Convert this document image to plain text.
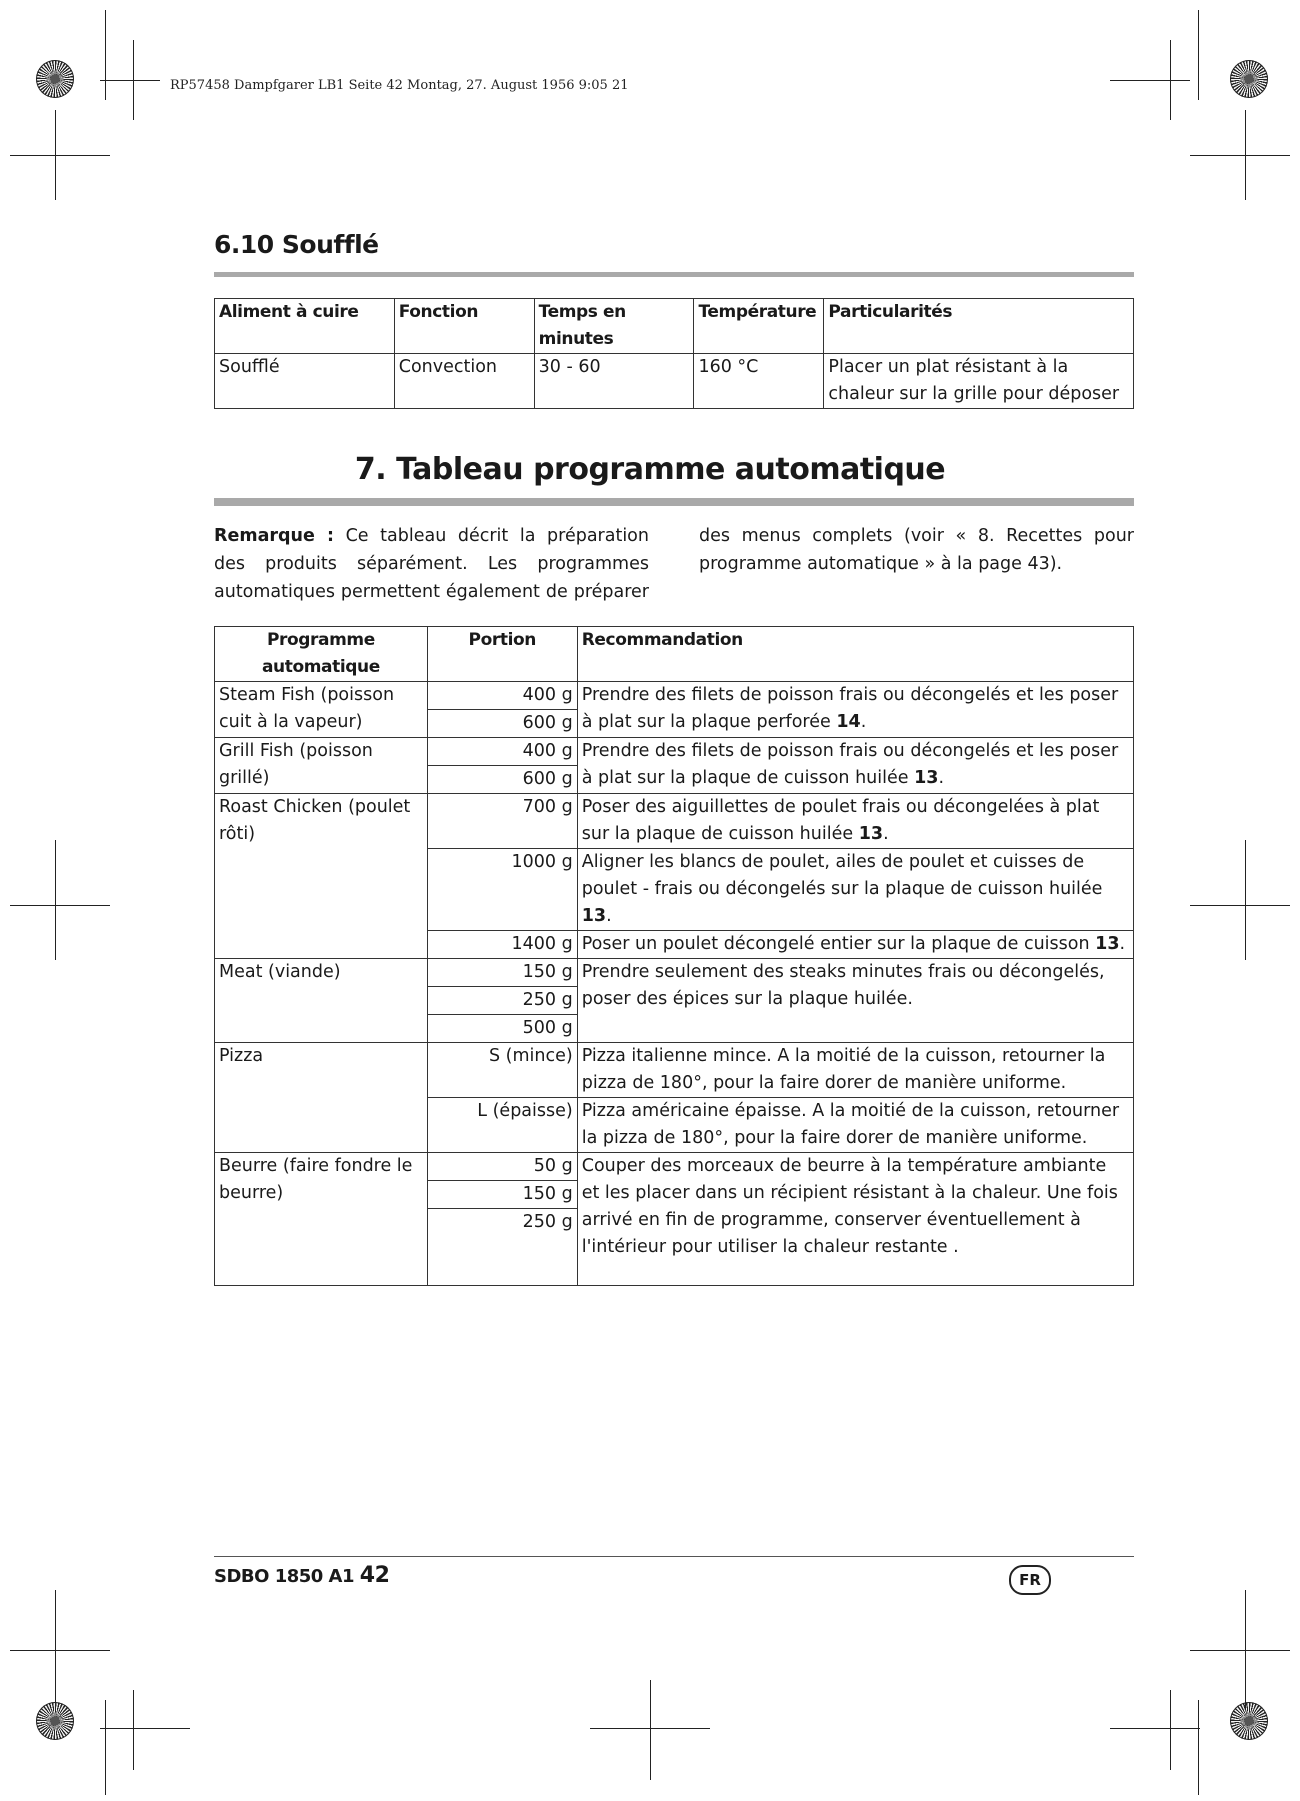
RP57458 Dampfgarer LB1 Seite 42 Montag, 27. August 1956 9:05 21
6.10 Soufflé
Aliment à cuire	Fonction	Temps en minutes	Température	Particularités
Soufflé	Convection	30 - 60	160 °C	Placer un plat résistant à la chaleur sur la grille pour déposer
7. Tableau programme automatique
Remarque : Ce tableau décrit la préparation des produits séparément. Les programmes automatiques permettent également de préparer des menus complets (voir « 8. Recettes pour programme automatique » à la page 43).
Programme automatique	Portion	Recommandation
Steam Fish (poisson cuit à la vapeur)	400 g	Prendre des filets de poisson frais ou décongelés et les poser à plat sur la plaque perforée 14.
	600 g	
Grill Fish (poisson grillé)	400 g	Prendre des filets de poisson frais ou décongelés et les poser à plat sur la plaque de cuisson huilée 13.
	600 g	
Roast Chicken (poulet rôti)	700 g	Poser des aiguillettes de poulet frais ou décongelées à plat sur la plaque de cuisson huilée 13.
	1000 g	Aligner les blancs de poulet, ailes de poulet et cuisses de poulet - frais ou décongelés sur la plaque de cuisson huilée 13.
	1400 g	Poser un poulet décongelé entier sur la plaque de cuisson 13.
Meat (viande)	150 g	Prendre seulement des steaks minutes frais ou décongelés, poser des épices sur la plaque huilée.
	250 g	
	500 g	
Pizza	S (mince)	Pizza italienne mince. A la moitié de la cuisson, retourner la pizza de 180°, pour la faire dorer de manière uniforme.
	L (épaisse)	Pizza américaine épaisse. A la moitié de la cuisson, retourner la pizza de 180°, pour la faire dorer de manière uniforme.
Beurre (faire fondre le beurre)	50 g	Couper des morceaux de beurre à la température ambiante et les placer dans un récipient résistant à la chaleur. Une fois arrivé en fin de programme, conserver éventuellement à l'intérieur pour utiliser la chaleur restante .
	150 g	
	250 g	
SDBO 1850 A1 42	FR
